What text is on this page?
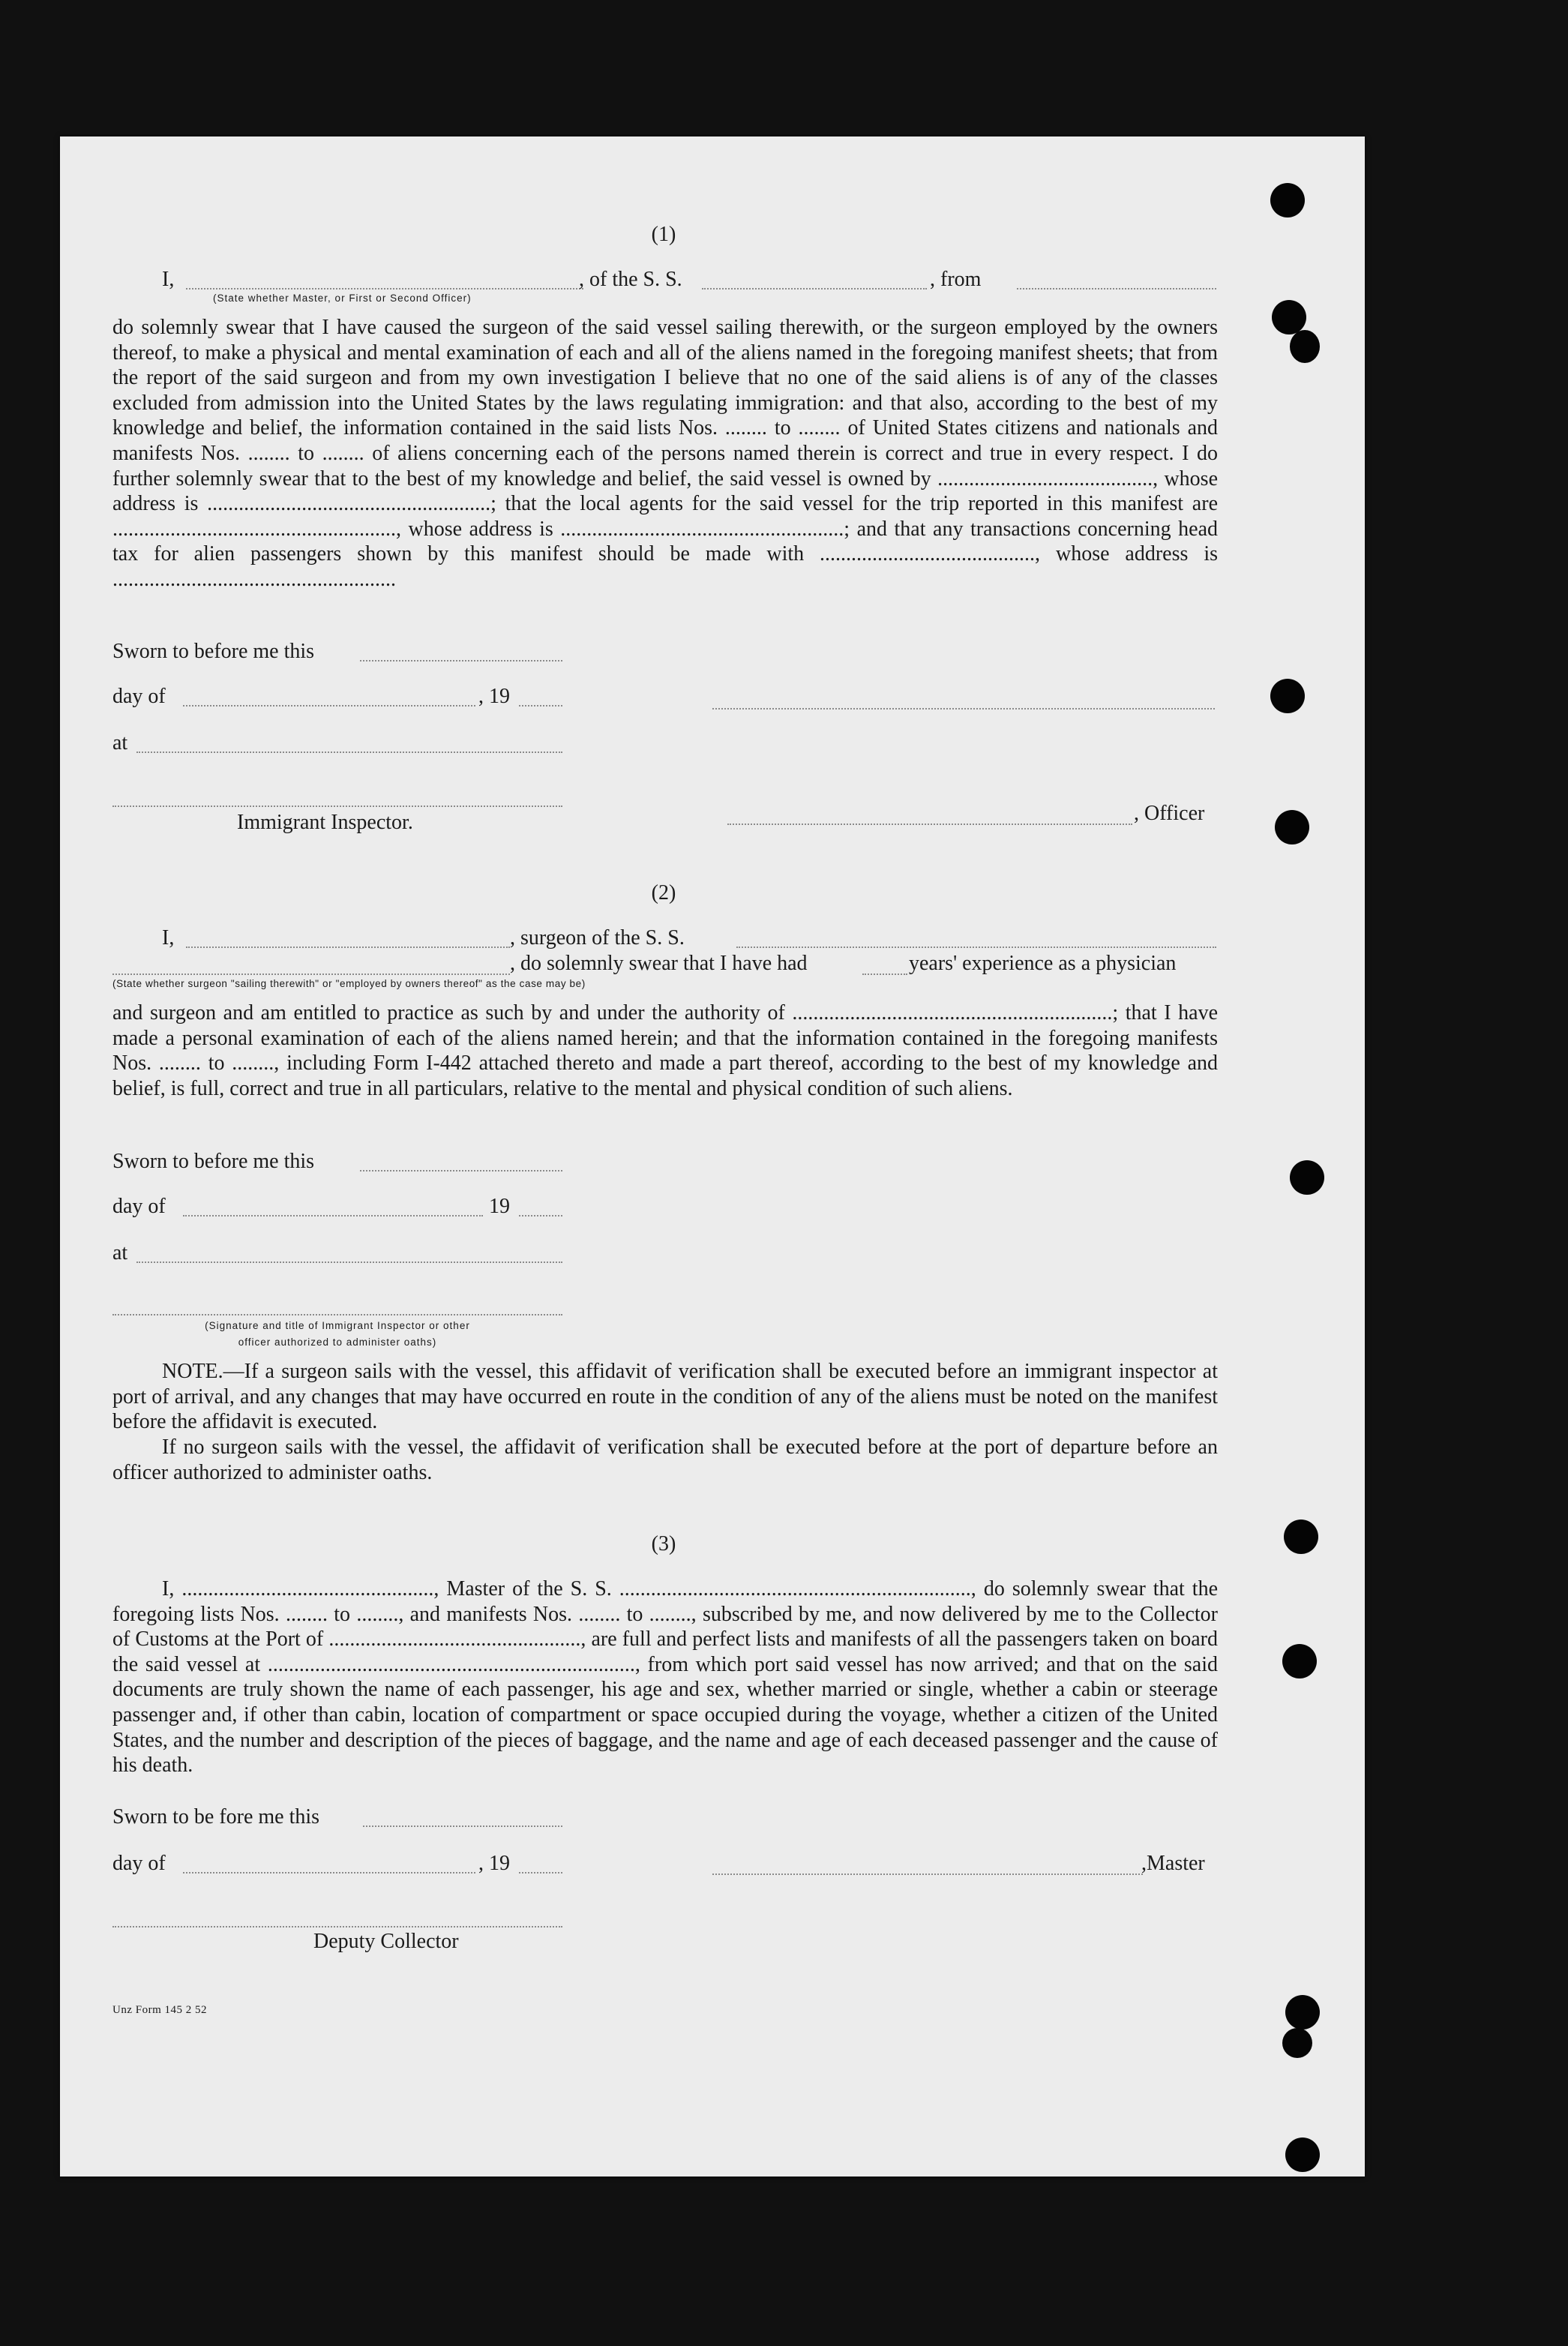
(1)
I,	, of the S. S.	, from
(State whether Master, or First or Second Officer)
do solemnly swear that I have caused the surgeon of the said vessel sailing therewith, or the surgeon employed by the owners thereof, to make a physical and mental examination of each and all of the aliens named in the foregoing manifest sheets; that from the report of the said surgeon and from my own investigation I believe that no one of the said aliens is of any of the classes excluded from admission into the United States by the laws regulating immigration: and that also, according to the best of my knowledge and belief, the information contained in the said lists Nos. ........ to ........ of United States citizens and nationals and manifests Nos. ........ to ........ of aliens concerning each of the persons named therein is correct and true in every respect. I do further solemnly swear that to the best of my knowledge and belief, the said vessel is owned by ........................................., whose address is ......................................................; that the local agents for the said vessel for the trip reported in this manifest are ......................................................, whose address is ......................................................; and that any transactions concerning head tax for alien passengers shown by this manifest should be made with ........................................., whose address is ......................................................
Sworn to before me this
day of	, 19
at
Immigrant Inspector.	, Officer
(2)
I,	, surgeon of the S. S.
, do solemnly swear that I have had	years' experience as a physician
(State whether surgeon "sailing therewith" or "employed by owners thereof" as the case may be)
and surgeon and am entitled to practice as such by and under the authority of .............................................................; that I have made a personal examination of each of the aliens named herein; and that the information contained in the foregoing manifests Nos. ........ to ........, including Form I-442 attached thereto and made a part thereof, according to the best of my knowledge and belief, is full, correct and true in all particulars, relative to the mental and physical condition of such aliens.
Sworn to before me this
day of	19
at
(Signature and title of Immigrant Inspector or other
officer authorized to administer oaths)
NOTE.—If a surgeon sails with the vessel, this affidavit of verification shall be executed before an immigrant inspector at port of arrival, and any changes that may have occurred en route in the condition of any of the aliens must be noted on the manifest before the affidavit is executed.
If no surgeon sails with the vessel, the affidavit of verification shall be executed before at the port of departure before an officer authorized to administer oaths.
(3)
I, ................................................, Master of the S. S. ..................................................................., do solemnly swear that the foregoing lists Nos. ........ to ........, and manifests Nos. ........ to ........, subscribed by me, and now delivered by me to the Collector of Customs at the Port of ................................................, are full and perfect lists and manifests of all the passengers taken on board the said vessel at ......................................................................, from which port said vessel has now arrived; and that on the said documents are truly shown the name of each passenger, his age and sex, whether married or single, whether a cabin or steerage passenger and, if other than cabin, location of compartment or space occupied during the voyage, whether a citizen of the United States, and the number and description of the pieces of baggage, and the name and age of each deceased passenger and the cause of his death.
Sworn to be fore me this
day of	, 19	,Master
Deputy Collector
Unz Form 145 2 52
